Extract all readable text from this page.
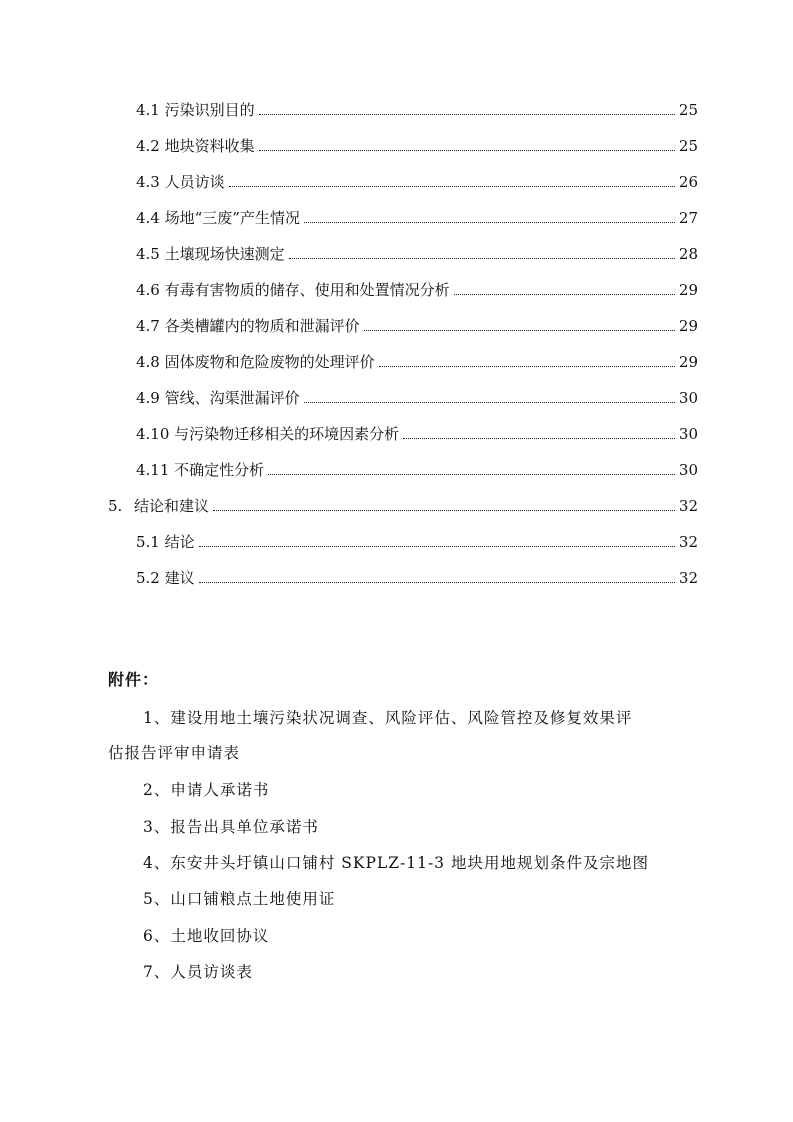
4.1 污染识别目的	25
4.2 地块资料收集	25
4.3 人员访谈	26
4.4 场地“三废”产生情况	27
4.5 土壤现场快速测定	28
4.6 有毒有害物质的储存、使用和处置情况分析	29
4.7 各类槽罐内的物质和泄漏评价	29
4.8 固体废物和危险废物的处理评价	29
4.9 管线、沟渠泄漏评价	30
4.10 与污染物迁移相关的环境因素分析	30
4.11 不确定性分析	30
5. 结论和建议	32
5.1 结论	32
5.2 建议	32
附件：
1、建设用地土壤污染状况调查、风险评估、风险管控及修复效果评
估报告评审申请表
2、申请人承诺书
3、报告出具单位承诺书
4、东安井头圩镇山口铺村 SKPLZ-11-3 地块用地规划条件及宗地图
5、山口铺粮点土地使用证
6、土地收回协议
7、人员访谈表
